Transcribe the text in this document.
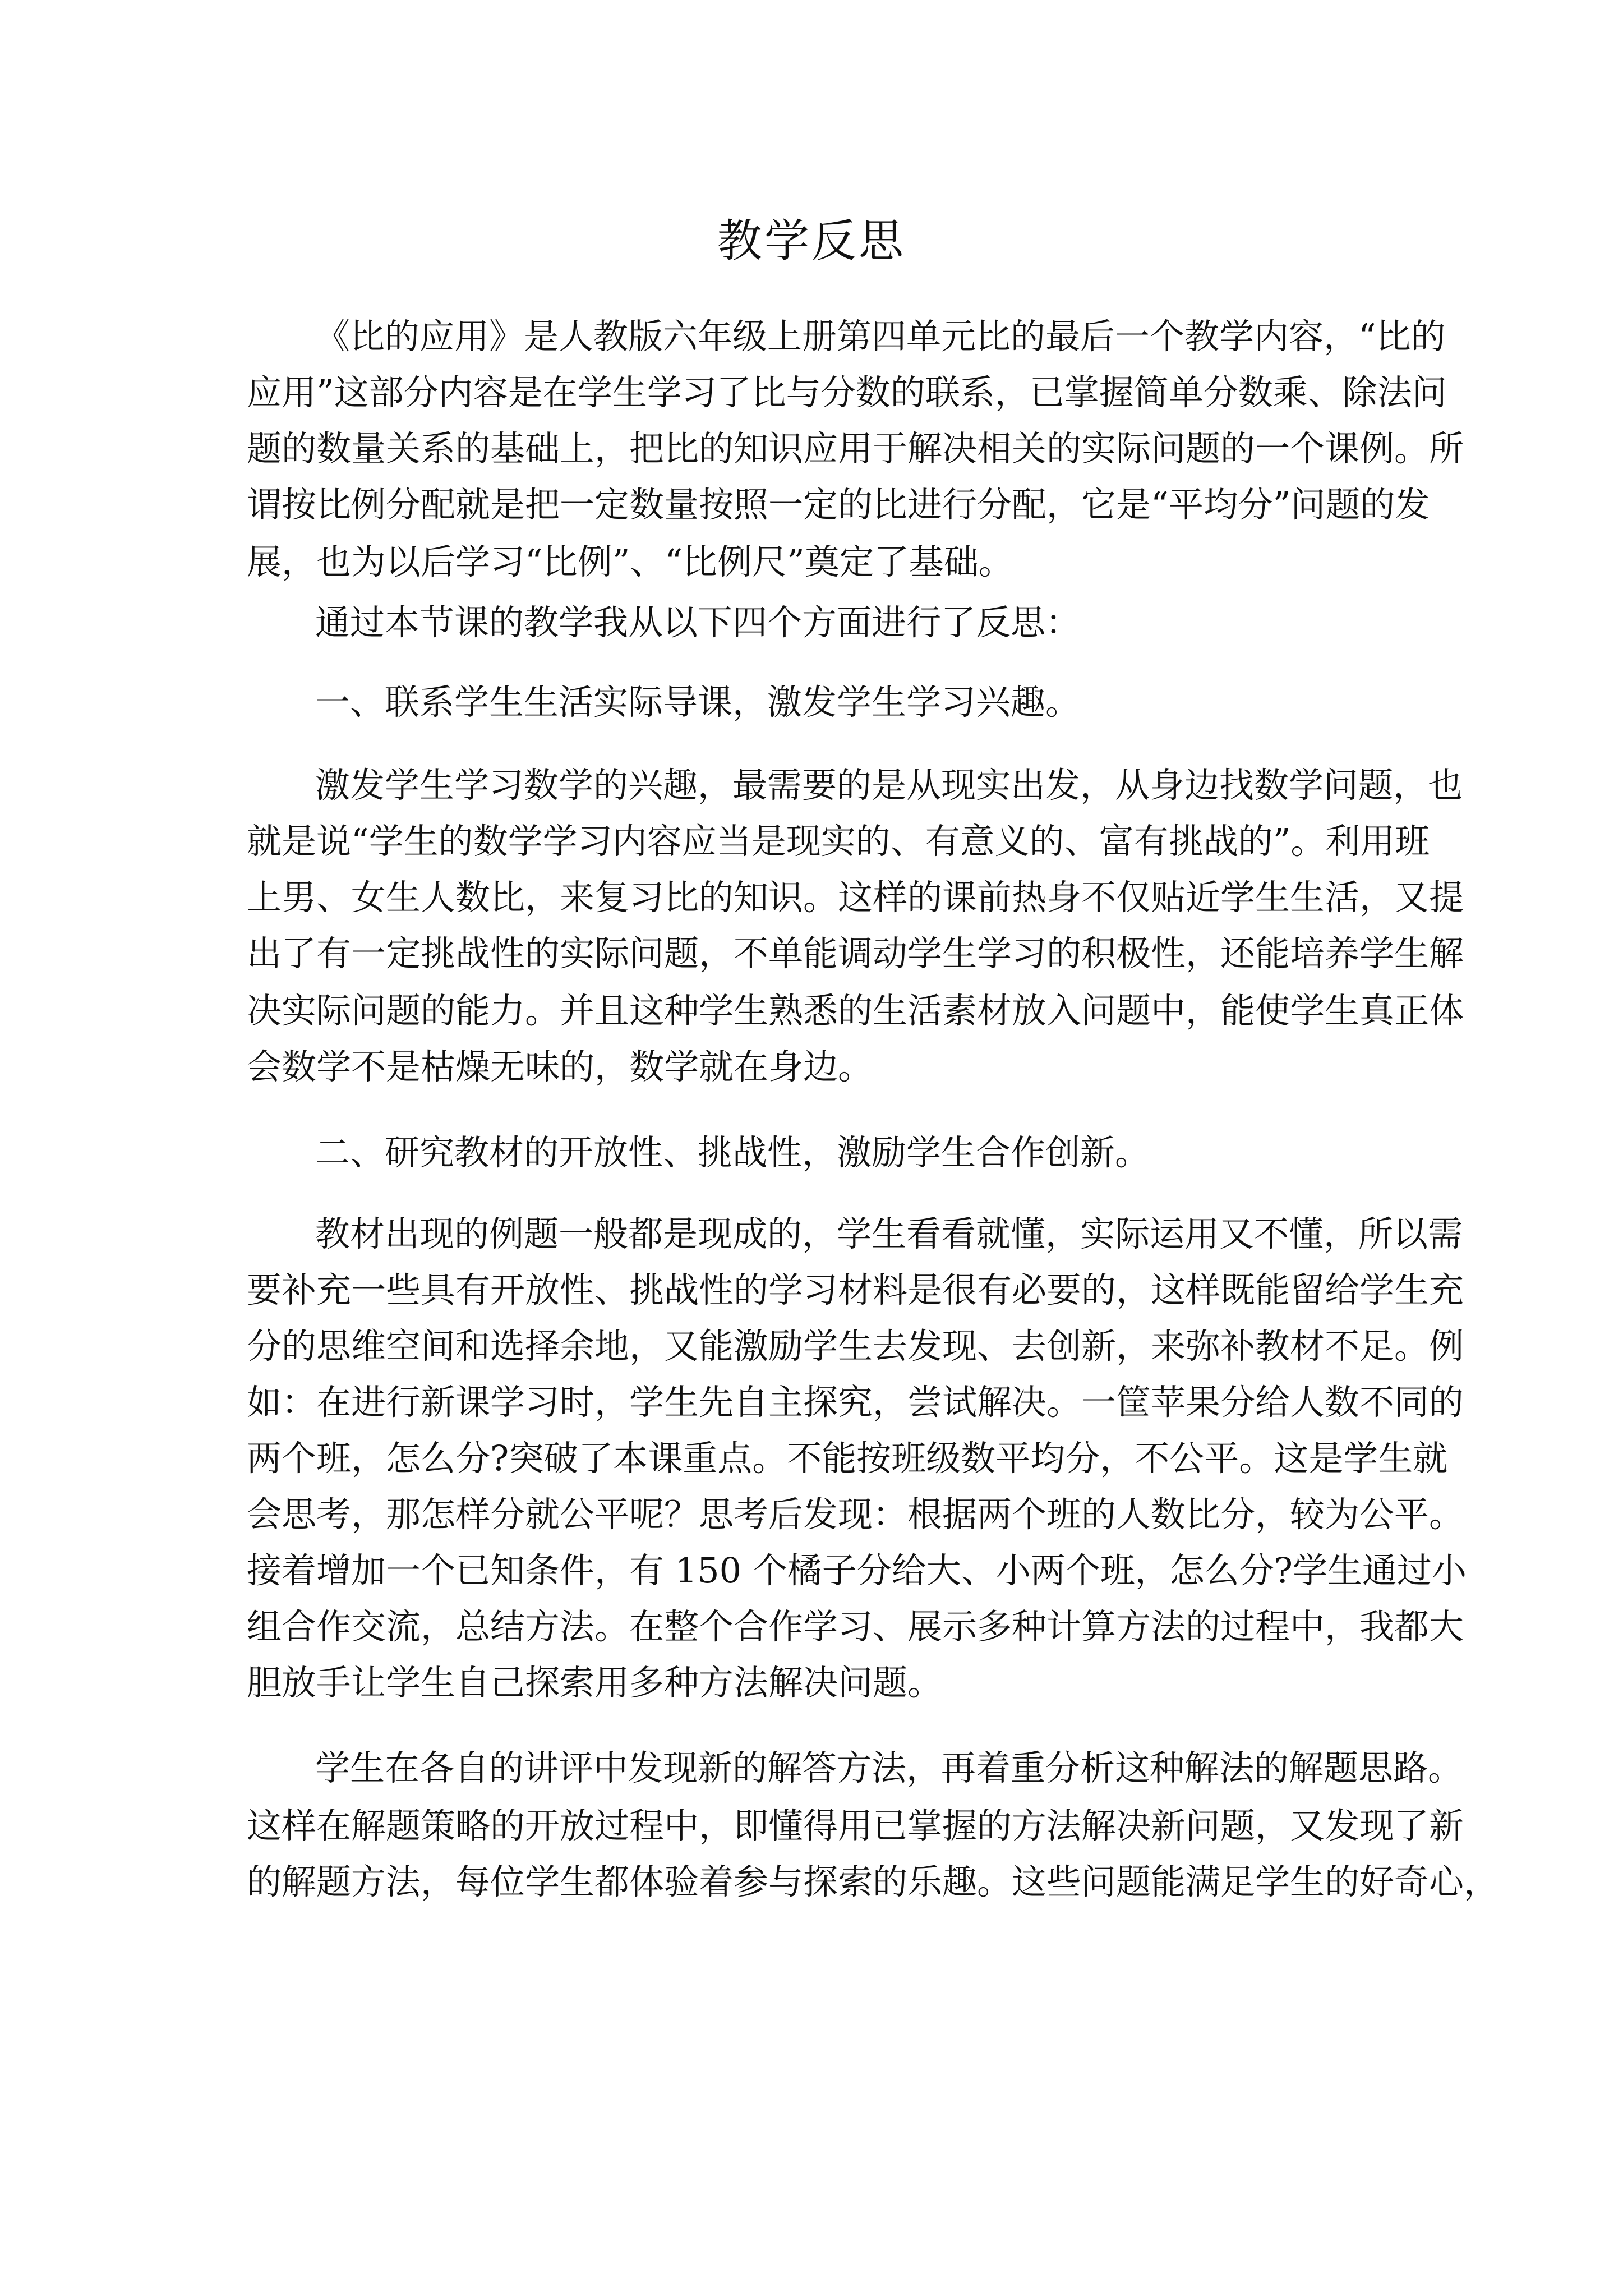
教学反思

《比的应用》是人教版六年级上册第四单元比的最后一个教学内容，“比的

应用”这部分内容是在学生学习了比与分数的联系，已掌握简单分数乘、除法问

题的数量关系的基础上，把比的知识应用于解决相关的实际问题的一个课例。所

谓按比例分配就是把一定数量按照一定的比进行分配，它是“平均分”问题的发

展，也为以后学习“比例”、“比例尺”奠定了基础。

通过本节课的教学我从以下四个方面进行了反思：

一、联系学生生活实际导课，激发学生学习兴趣。

激发学生学习数学的兴趣，最需要的是从现实出发，从身边找数学问题，也

就是说“学生的数学学习内容应当是现实的、有意义的、富有挑战的”。利用班

上男、女生人数比，来复习比的知识。这样的课前热身不仅贴近学生生活，又提

出了有一定挑战性的实际问题，不单能调动学生学习的积极性，还能培养学生解

决实际问题的能力。并且这种学生熟悉的生活素材放入问题中，能使学生真正体

会数学不是枯燥无味的，数学就在身边。

二、研究教材的开放性、挑战性，激励学生合作创新。

教材出现的例题一般都是现成的，学生看看就懂，实际运用又不懂，所以需

要补充一些具有开放性、挑战性的学习材料是很有必要的，这样既能留给学生充

分的思维空间和选择余地，又能激励学生去发现、去创新，来弥补教材不足。例

如：在进行新课学习时，学生先自主探究，尝试解决。一筐苹果分给人数不同的

两个班，怎么分?突破了本课重点。不能按班级数平均分，不公平。这是学生就

会思考，那怎样分就公平呢？思考后发现：根据两个班的人数比分，较为公平。

接着增加一个已知条件，有 150 个橘子分给大、小两个班，怎么分?学生通过小

组合作交流，总结方法。在整个合作学习、展示多种计算方法的过程中，我都大

胆放手让学生自己探索用多种方法解决问题。

学生在各自的讲评中发现新的解答方法，再着重分析这种解法的解题思路。

这样在解题策略的开放过程中，即懂得用已掌握的方法解决新问题，又发现了新

的解题方法，每位学生都体验着参与探索的乐趣。这些问题能满足学生的好奇心，
